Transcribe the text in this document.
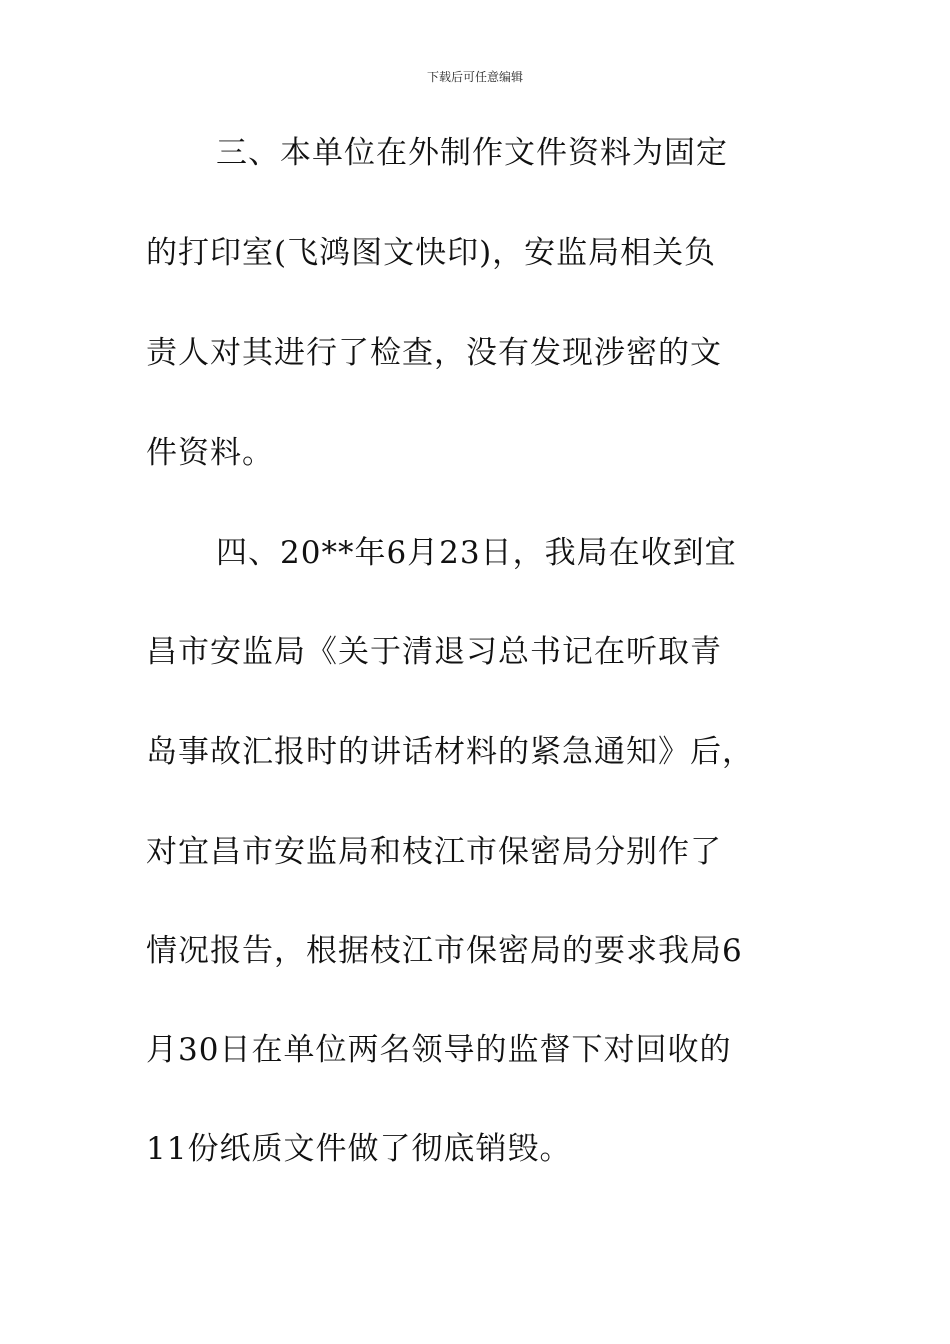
下载后可任意编辑
三、本单位在外制作文件资料为固定
的打印室(飞鸿图文快印)，安监局相关负
责人对其进行了检查，没有发现涉密的文
件资料。
四、20**年6月23日，我局在收到宜
昌市安监局《关于清退习总书记在听取青
岛事故汇报时的讲话材料的紧急通知》后，
对宜昌市安监局和枝江市保密局分别作了
情况报告，根据枝江市保密局的要求我局6
月30日在单位两名领导的监督下对回收的
11份纸质文件做了彻底销毁。
